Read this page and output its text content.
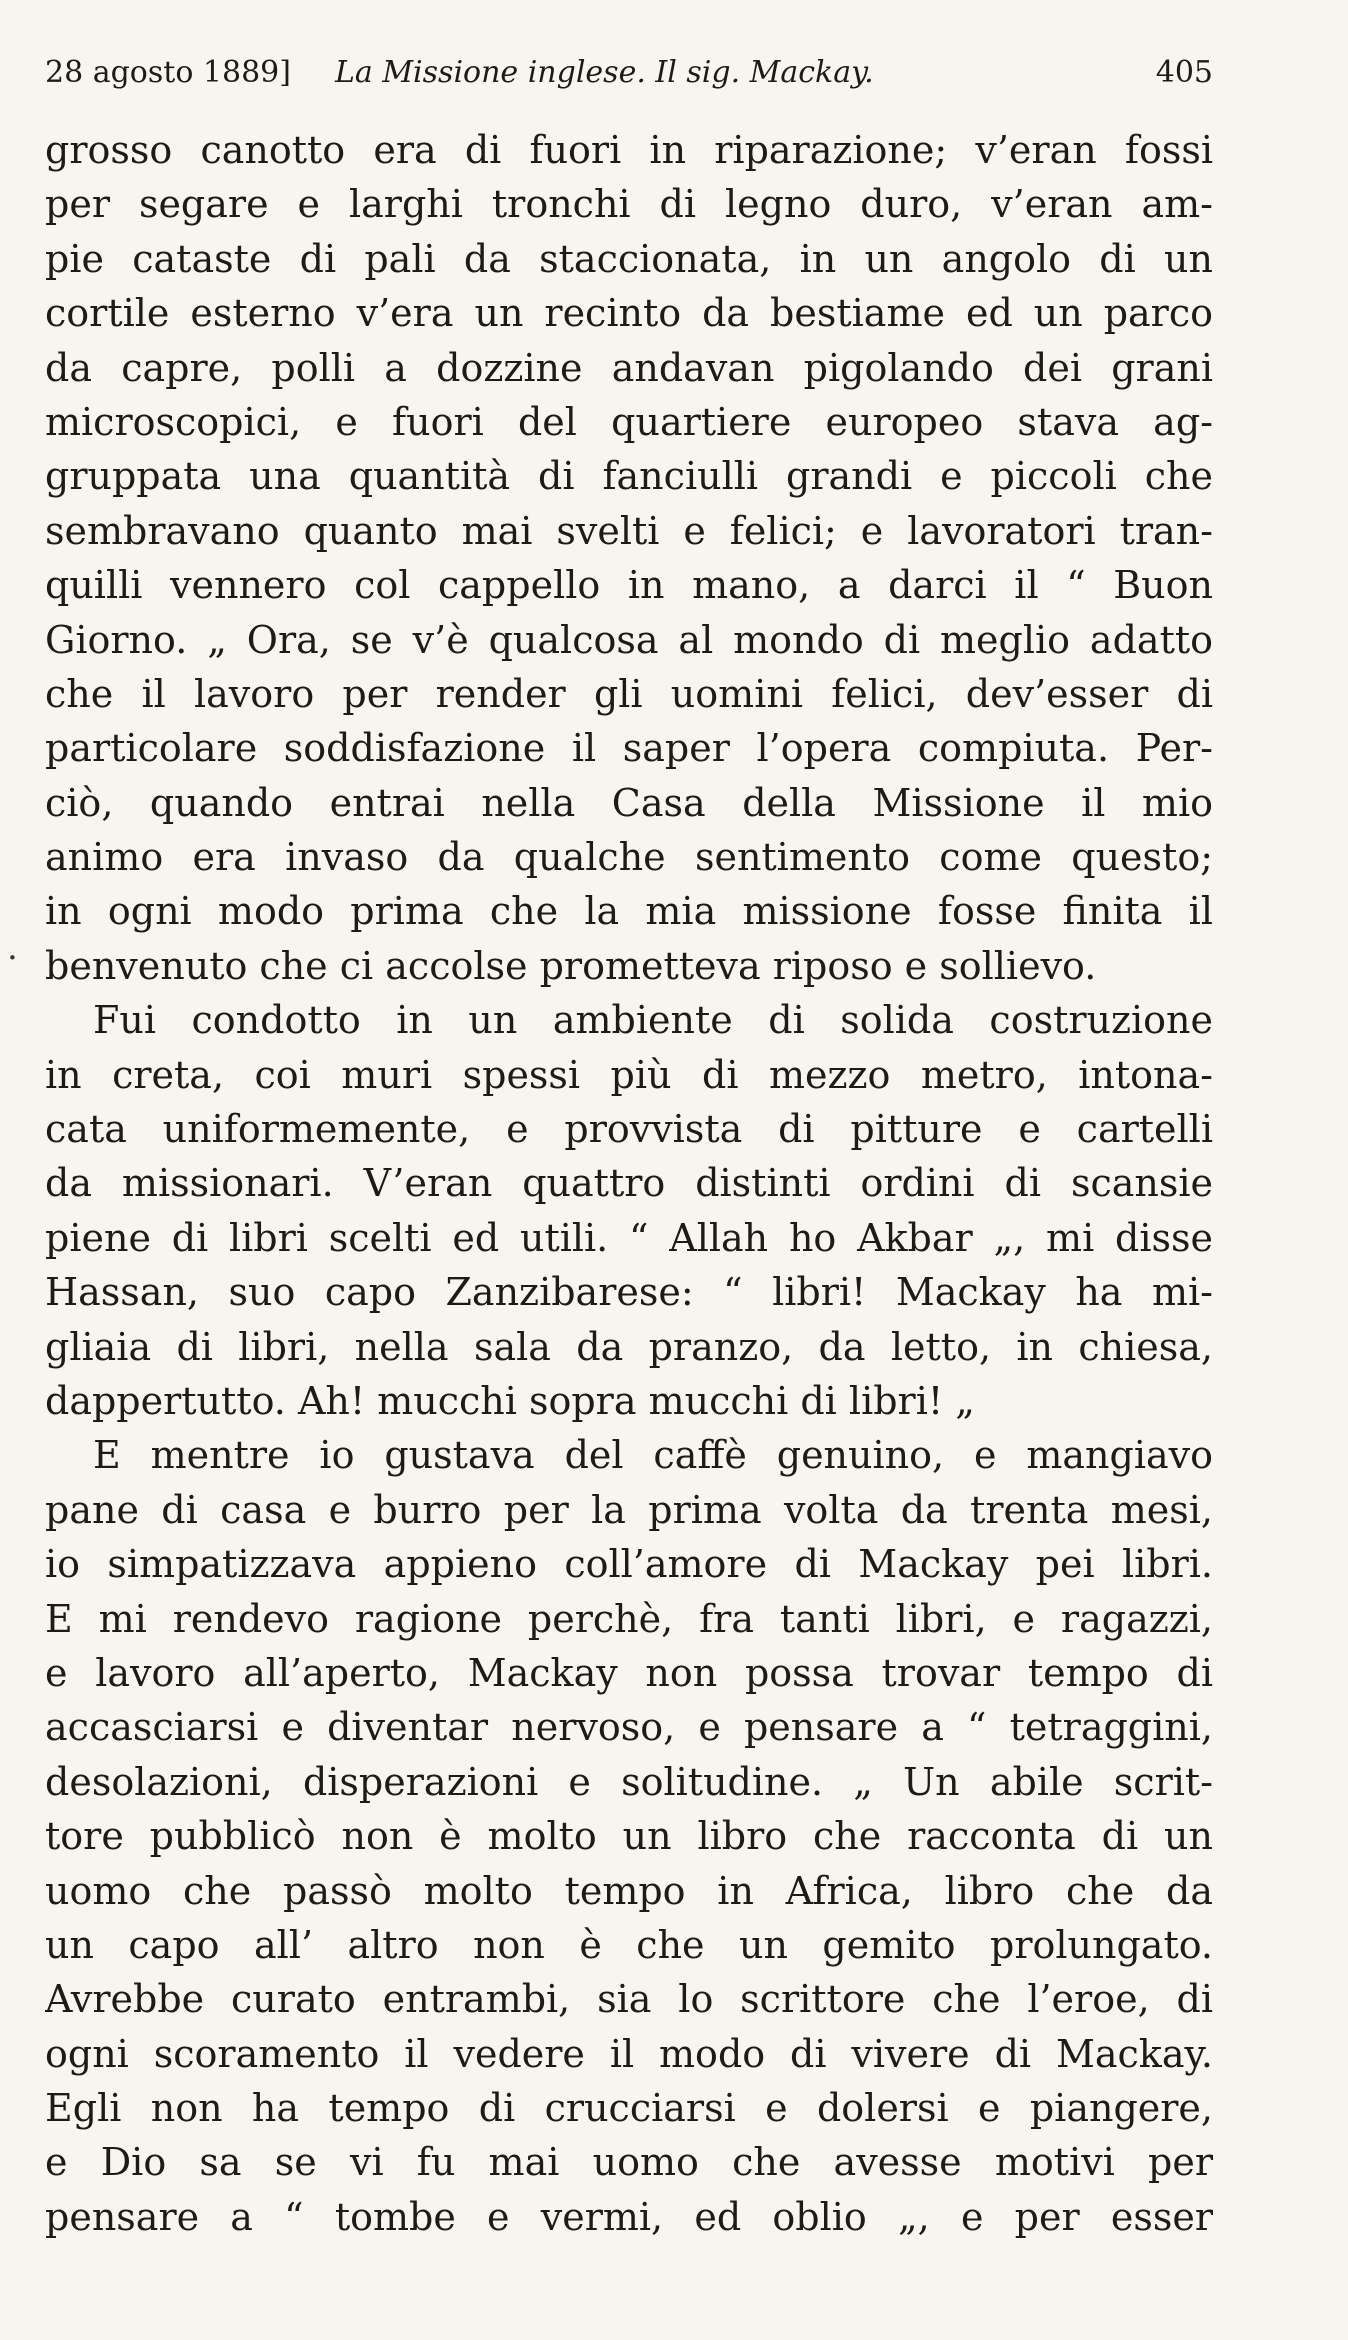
28 agosto 1889] La Missione inglese. Il sig. Mackay.	405
.
grosso canotto era di fuori in riparazione; v’eran fossi
per segare e larghi tronchi di legno duro, v’eran am-
pie cataste di pali da staccionata, in un angolo di un
cortile esterno v’era un recinto da bestiame ed un parco
da capre, polli a dozzine andavan pigolando dei grani
microscopici, e fuori del quartiere europeo stava ag-
gruppata una quantità di fanciulli grandi e piccoli che
sembravano quanto mai svelti e felici; e lavoratori tran-
quilli vennero col cappello in mano, a darci il “ Buon
Giorno. „ Ora, se v’è qualcosa al mondo di meglio adatto
che il lavoro per render gli uomini felici, dev’esser di
particolare soddisfazione il saper l’opera compiuta. Per-
ciò, quando entrai nella Casa della Missione il mio
animo era invaso da qualche sentimento come questo;
in ogni modo prima che la mia missione fosse finita il
benvenuto che ci accolse prometteva riposo e sollievo.
Fui condotto in un ambiente di solida costruzione
in creta, coi muri spessi più di mezzo metro, intona-
cata uniformemente, e provvista di pitture e cartelli
da missionari. V’eran quattro distinti ordini di scansie
piene di libri scelti ed utili. “ Allah ho Akbar „, mi disse
Hassan, suo capo Zanzibarese: “ libri! Mackay ha mi-
gliaia di libri, nella sala da pranzo, da letto, in chiesa,
dappertutto. Ah! mucchi sopra mucchi di libri! „
E mentre io gustava del caffè genuino, e mangiavo
pane di casa e burro per la prima volta da trenta mesi,
io simpatizzava appieno coll’amore di Mackay pei libri.
E mi rendevo ragione perchè, fra tanti libri, e ragazzi,
e lavoro all’aperto, Mackay non possa trovar tempo di
accasciarsi e diventar nervoso, e pensare a “ tetraggini,
desolazioni, disperazioni e solitudine. „ Un abile scrit-
tore pubblicò non è molto un libro che racconta di un
uomo che passò molto tempo in Africa, libro che da
un capo all’ altro non è che un gemito prolungato.
Avrebbe curato entrambi, sia lo scrittore che l’eroe, di
ogni scoramento il vedere il modo di vivere di Mackay.
Egli non ha tempo di crucciarsi e dolersi e piangere,
e Dio sa se vi fu mai uomo che avesse motivi per
pensare a “ tombe e vermi, ed oblio „, e per esser
